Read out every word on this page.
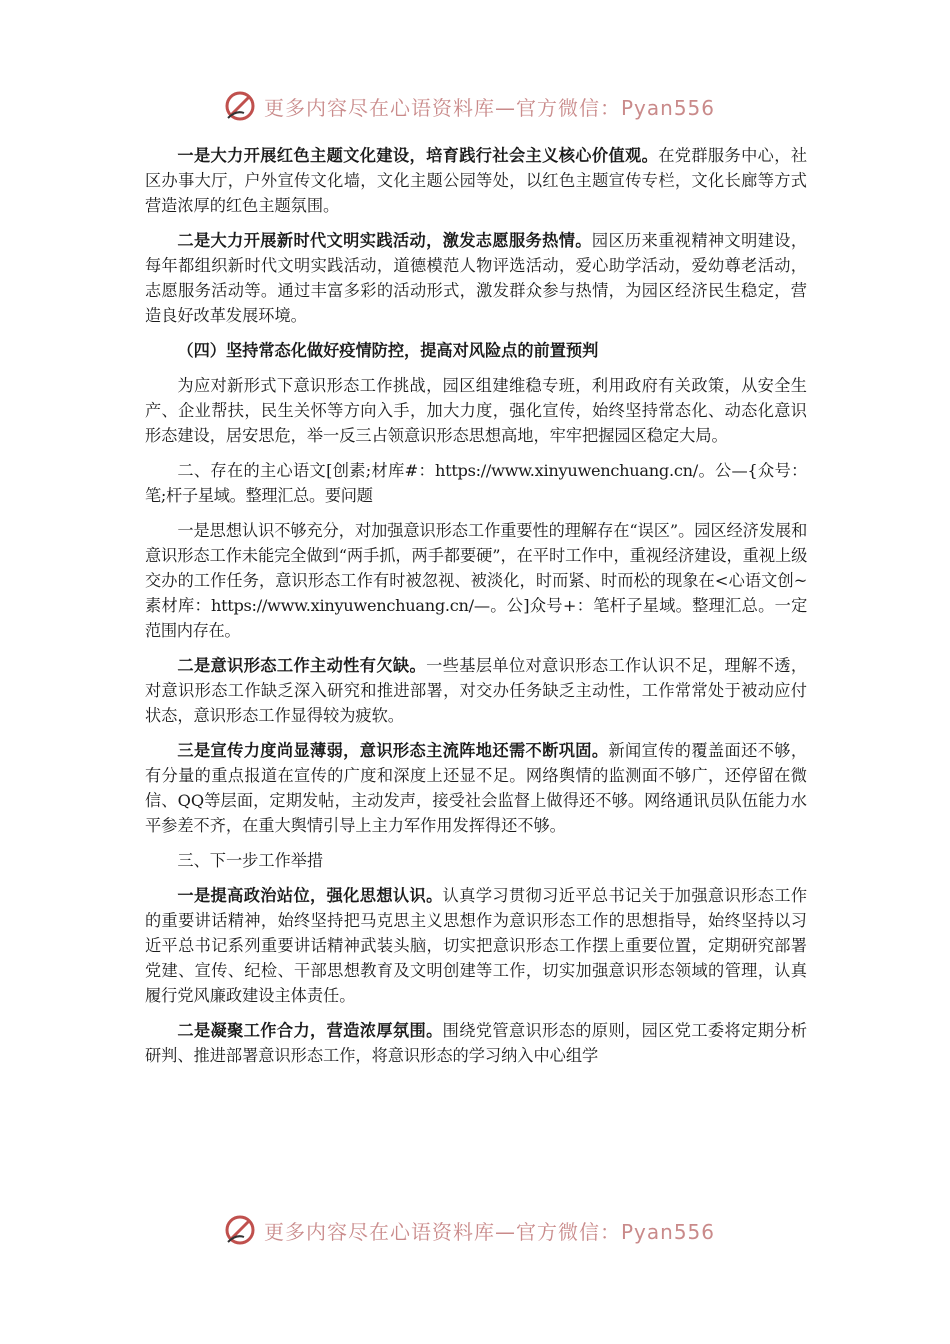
更多内容尽在心语资料库—官方微信：Pyan556

一是大力开展红色主题文化建设，培育践行社会主义核心价值观。在党群服务中心，社区办事大厅，户外宣传文化墙，文化主题公园等处，以红色主题宣传专栏，文化长廊等方式营造浓厚的红色主题氛围。

二是大力开展新时代文明实践活动，激发志愿服务热情。园区历来重视精神文明建设，每年都组织新时代文明实践活动，道德模范人物评选活动，爱心助学活动，爱幼尊老活动，志愿服务活动等。通过丰富多彩的活动形式，激发群众参与热情，为园区经济民生稳定，营造良好改革发展环境。

（四）坚持常态化做好疫情防控，提高对风险点的前置预判

为应对新形式下意识形态工作挑战，园区组建维稳专班，利用政府有关政策，从安全生产、企业帮扶，民生关怀等方向入手，加大力度，强化宣传，始终坚持常态化、动态化意识形态建设，居安思危，举一反三占领意识形态思想高地，牢牢把握园区稳定大局。

二、存在的主心语文[创素;材库#：https://www.xinyuwenchuang.cn/。公—{众号：笔;杆子星域。整理汇总。要问题

一是思想认识不够充分，对加强意识形态工作重要性的理解存在“误区”。园区经济发展和意识形态工作未能完全做到“两手抓，两手都要硬”，在平时工作中，重视经济建设，重视上级交办的工作任务，意识形态工作有时被忽视、被淡化，时而紧、时而松的现象在<心语文创~素材库：https://www.xinyuwenchuang.cn/—。公]众号+：笔杆子星域。整理汇总。一定范围内存在。

二是意识形态工作主动性有欠缺。一些基层单位对意识形态工作认识不足，理解不透，对意识形态工作缺乏深入研究和推进部署，对交办任务缺乏主动性，工作常常处于被动应付状态，意识形态工作显得较为疲软。

三是宣传力度尚显薄弱，意识形态主流阵地还需不断巩固。新闻宣传的覆盖面还不够，有分量的重点报道在宣传的广度和深度上还显不足。网络舆情的监测面不够广，还停留在微信、QQ等层面，定期发帖，主动发声，接受社会监督上做得还不够。网络通讯员队伍能力水平参差不齐，在重大舆情引导上主力军作用发挥得还不够。

三、下一步工作举措

一是提高政治站位，强化思想认识。认真学习贯彻习近平总书记关于加强意识形态工作的重要讲话精神，始终坚持把马克思主义思想作为意识形态工作的思想指导，始终坚持以习近平总书记系列重要讲话精神武装头脑，切实把意识形态工作摆上重要位置，定期研究部署党建、宣传、纪检、干部思想教育及文明创建等工作，切实加强意识形态领域的管理，认真履行党风廉政建设主体责任。

二是凝聚工作合力，营造浓厚氛围。围绕党管意识形态的原则，园区党工委将定期分析研判、推进部署意识形态工作，将意识形态的学习纳入中心组学

更多内容尽在心语资料库—官方微信：Pyan556
